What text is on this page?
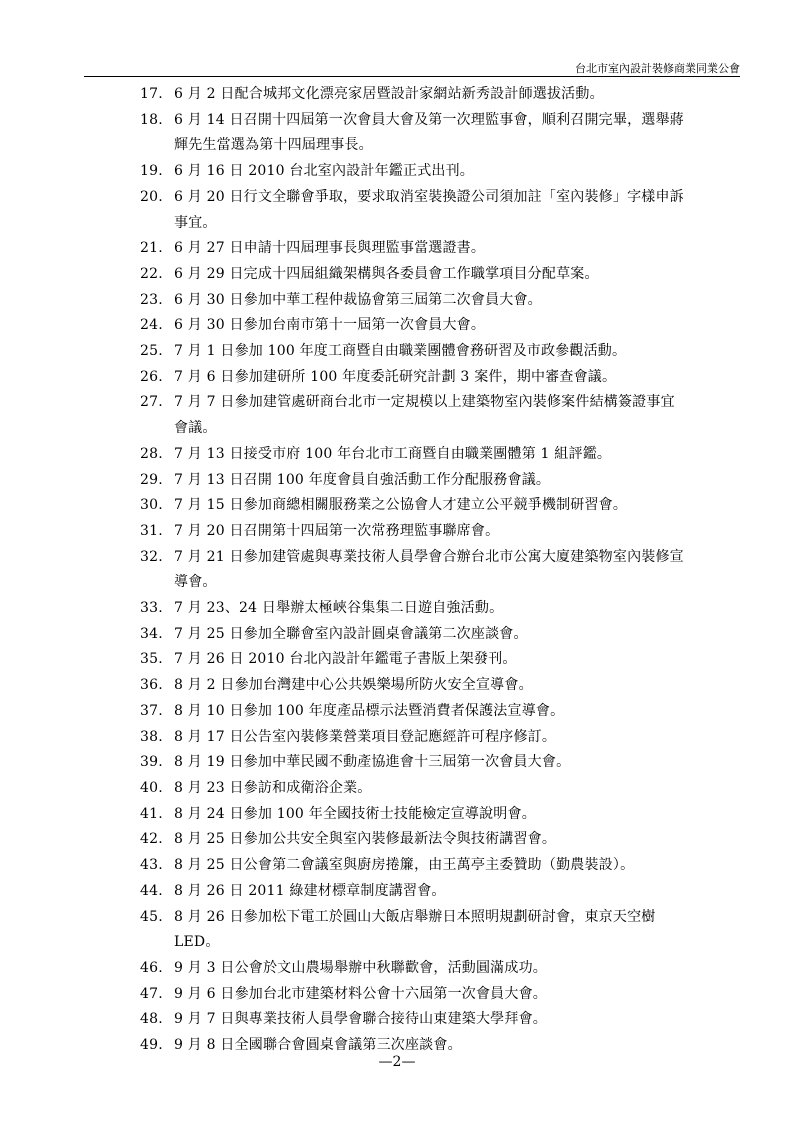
台北市室內設計裝修商業同業公會
17. 6 月 2 日配合城邦文化漂亮家居暨設計家網站新秀設計師選拔活動。
18. 6 月 14 日召開十四屆第一次會員大會及第一次理監事會，順利召開完畢，選舉蔣
輝先生當選為第十四屆理事長。
19. 6 月 16 日 2010 台北室內設計年鑑正式出刊。
20. 6 月 20 日行文全聯會爭取，要求取消室裝換證公司須加註「室內裝修」字樣申訴
事宜。
21. 6 月 27 日申請十四屆理事長與理監事當選證書。
22. 6 月 29 日完成十四屆組織架構與各委員會工作職掌項目分配草案。
23. 6 月 30 日參加中華工程仲裁協會第三屆第二次會員大會。
24. 6 月 30 日參加台南市第十一屆第一次會員大會。
25. 7 月 1 日參加 100 年度工商暨自由職業團體會務研習及市政參觀活動。
26. 7 月 6 日參加建研所 100 年度委託研究計劃 3 案件，期中審查會議。
27. 7 月 7 日參加建管處研商台北市一定規模以上建築物室內裝修案件結構簽證事宜
會議。
28. 7 月 13 日接受市府 100 年台北市工商暨自由職業團體第 1 組評鑑。
29. 7 月 13 日召開 100 年度會員自強活動工作分配服務會議。
30. 7 月 15 日參加商總相關服務業之公協會人才建立公平競爭機制研習會。
31. 7 月 20 日召開第十四屆第一次常務理監事聯席會。
32. 7 月 21 日參加建管處與專業技術人員學會合辦台北市公寓大廈建築物室內裝修宣
導會。
33. 7 月 23、24 日舉辦太極峽谷集集二日遊自強活動。
34. 7 月 25 日參加全聯會室內設計圓桌會議第二次座談會。
35. 7 月 26 日 2010 台北內設計年鑑電子書版上架發刊。
36. 8 月 2 日參加台灣建中心公共娛樂場所防火安全宣導會。
37. 8 月 10 日參加 100 年度產品標示法暨消費者保護法宣導會。
38. 8 月 17 日公告室內裝修業營業項目登記應經許可程序修訂。
39. 8 月 19 日參加中華民國不動產協進會十三屆第一次會員大會。
40. 8 月 23 日參訪和成衛浴企業。
41. 8 月 24 日參加 100 年全國技術士技能檢定宣導說明會。
42. 8 月 25 日參加公共安全與室內裝修最新法令與技術講習會。
43. 8 月 25 日公會第二會議室與廚房捲簾，由王萬亭主委贊助（勤農裝設）。
44. 8 月 26 日 2011 綠建材標章制度講習會。
45. 8 月 26 日參加松下電工於圓山大飯店舉辦日本照明規劃研討會，東京天空樹
LED。
46. 9 月 3 日公會於文山農場舉辦中秋聯歡會，活動圓滿成功。
47. 9 月 6 日參加台北市建築材料公會十六屆第一次會員大會。
48. 9 月 7 日與專業技術人員學會聯合接待山東建築大學拜會。
49. 9 月 8 日全國聯合會圓桌會議第三次座談會。
—2—
